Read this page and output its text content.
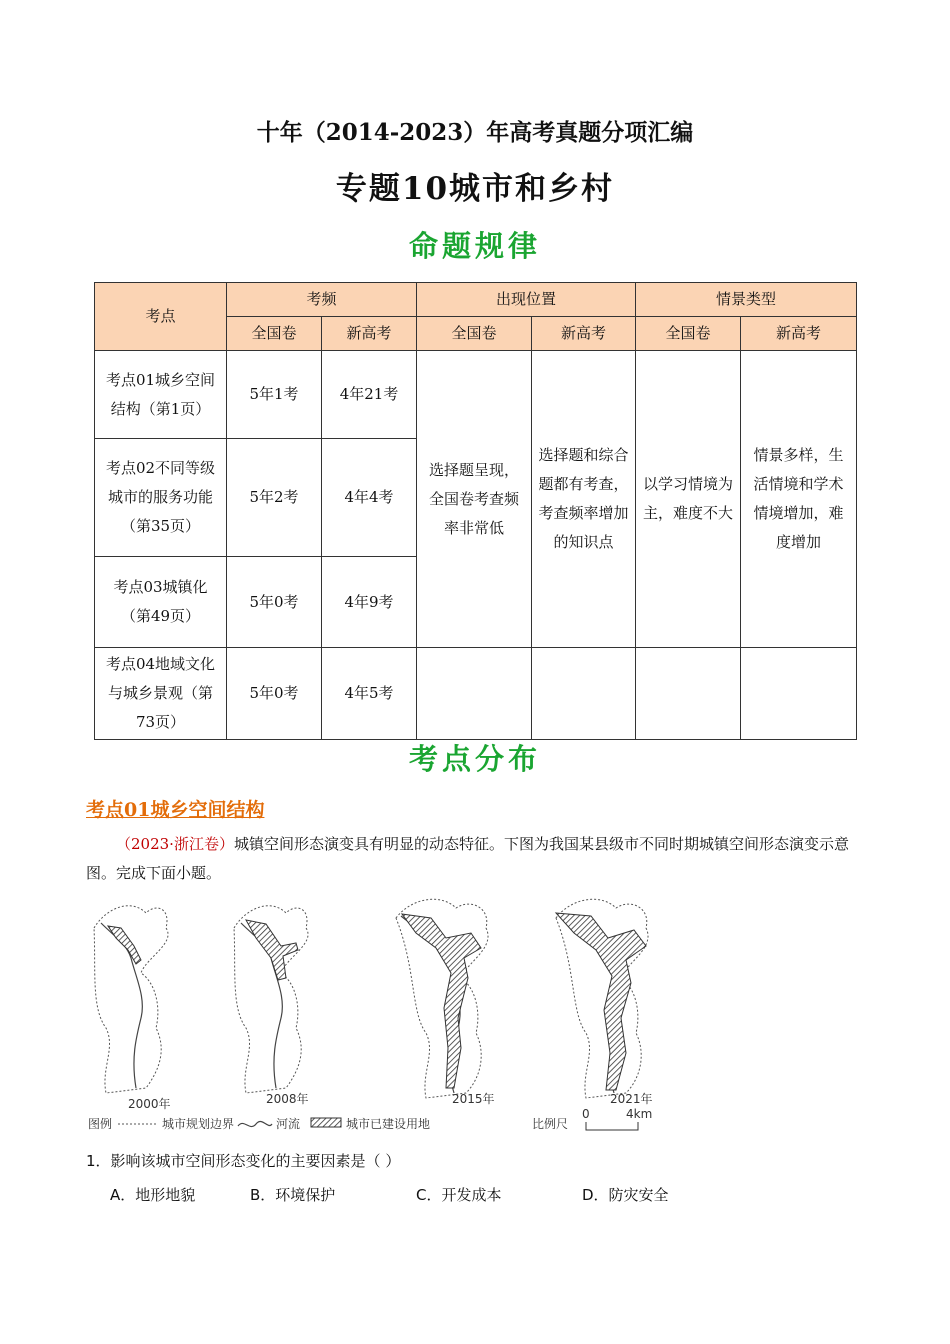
十年（2014-2023）年高考真题分项汇编
专题10城市和乡村
命题规律
考点	考频		出现位置		情景类型	
	全国卷	新高考	全国卷	新高考	全国卷	新高考
考点01城乡空间结构（第1页）	5年1考	4年21考	选择题呈现，全国卷考查频率非常低	选择题和综合题都有考查，考查频率增加的知识点	以学习情境为主，难度不大	情景多样，生活情境和学术情境增加，难度增加
考点02不同等级城市的服务功能（第35页）	5年2考	4年4考				
考点03城镇化（第49页）	5年0考	4年9考				
考点04地域文化与城乡景观（第73页）	5年0考	4年5考				
考点分布
考点01城乡空间结构
（2023·浙江卷）城镇空间形态演变具有明显的动态特征。下图为我国某县级市不同时期城镇空间形态演变示意图。完成下面小题。
2000年	2008年	2015年	2021年
图例	城市规划边界	河流	城市已建设用地	比例尺
0	4km
1．影响该城市空间形态变化的主要因素是（ ）
A．地形地貌	B．环境保护	C．开发成本	D．防灾安全
